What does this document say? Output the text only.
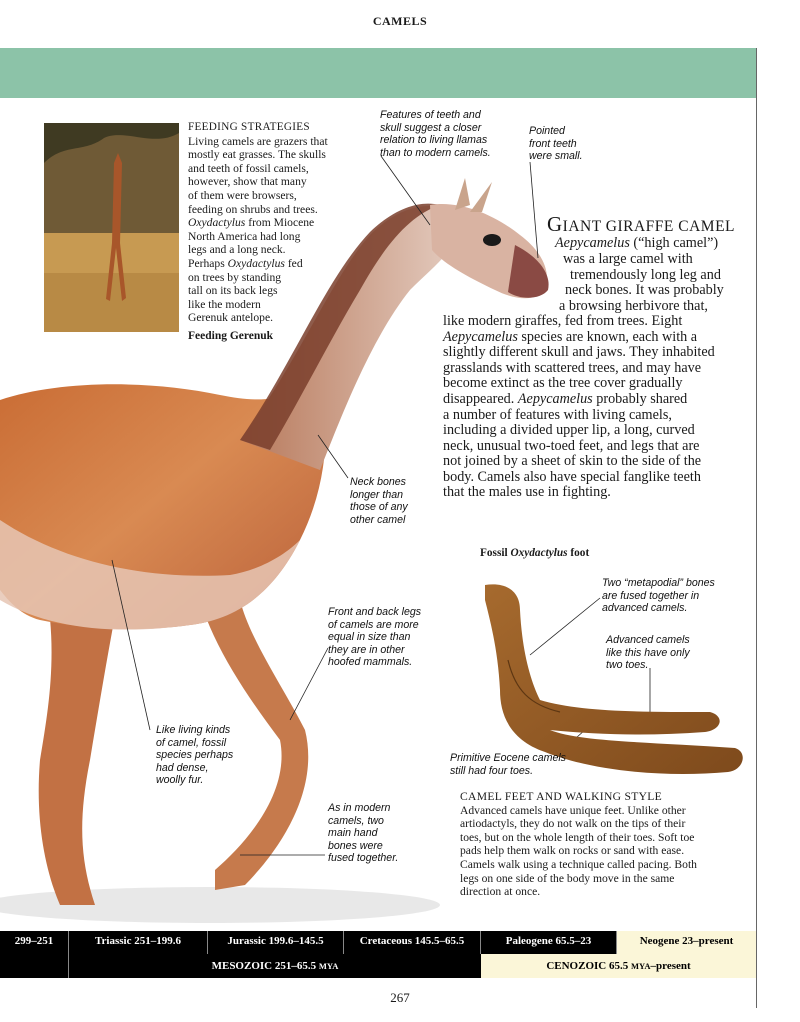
CAMELS
FEEDING STRATEGIES
Living camels are grazers that
mostly eat grasses. The skulls
and teeth of fossil camels,
however, show that many
of them were browsers,
feeding on shrubs and trees.
Oxydactylus from Miocene
North America had long
legs and a long neck.
Perhaps Oxydactylus fed
on trees by standing
tall on its back legs
like the modern
Gerenuk antelope.
Feeding Gerenuk
Features of teeth and
skull suggest a closer
relation to living llamas
than to modern camels.
Pointed
front teeth
were small.
Neck bones
longer than
those of any
other camel
Front and back legs
of camels are more
equal in size than
they are in other
hoofed mammals.
Like living kinds
of camel, fossil
species perhaps
had dense,
woolly fur.
As in modern
camels, two
main hand
bones were
fused together.
Two “metapodial” bones
are fused together in
advanced camels.
Advanced camels
like this have only
two toes.
Primitive Eocene camels
still had four toes.
GIANT GIRAFFE CAMEL
Aepycamelus (“high camel”)
was a large camel with
tremendously long leg and
neck bones. It was probably
a browsing herbivore that,
like modern giraffes, fed from trees. Eight
Aepycamelus species are known, each with a
slightly different skull and jaws. They inhabited
grasslands with scattered trees, and may have
become extinct as the tree cover gradually
disappeared. Aepycamelus probably shared
a number of features with living camels,
including a divided upper lip, a long, curved
neck, unusual two-toed feet, and legs that are
not joined by a sheet of skin to the side of the
body. Camels also have special fanglike teeth
that the males use in fighting.
Fossil Oxydactylus foot
CAMEL FEET AND WALKING STYLE
Advanced camels have unique feet. Unlike other
artiodactyls, they do not walk on the tips of their
toes, but on the whole length of their toes. Soft toe
pads help them walk on rocks or sand with ease.
Camels walk using a technique called pacing. Both
legs on one side of the body move in the same
direction at once.
299–251	Triassic 251–199.6	Jurassic 199.6–145.5	Cretaceous 145.5–65.5	Paleogene 65.5–23	Neogene 23–present
MESOZOIC 251–65.5 MYA	CENOZOIC 65.5 MYA–present
267
